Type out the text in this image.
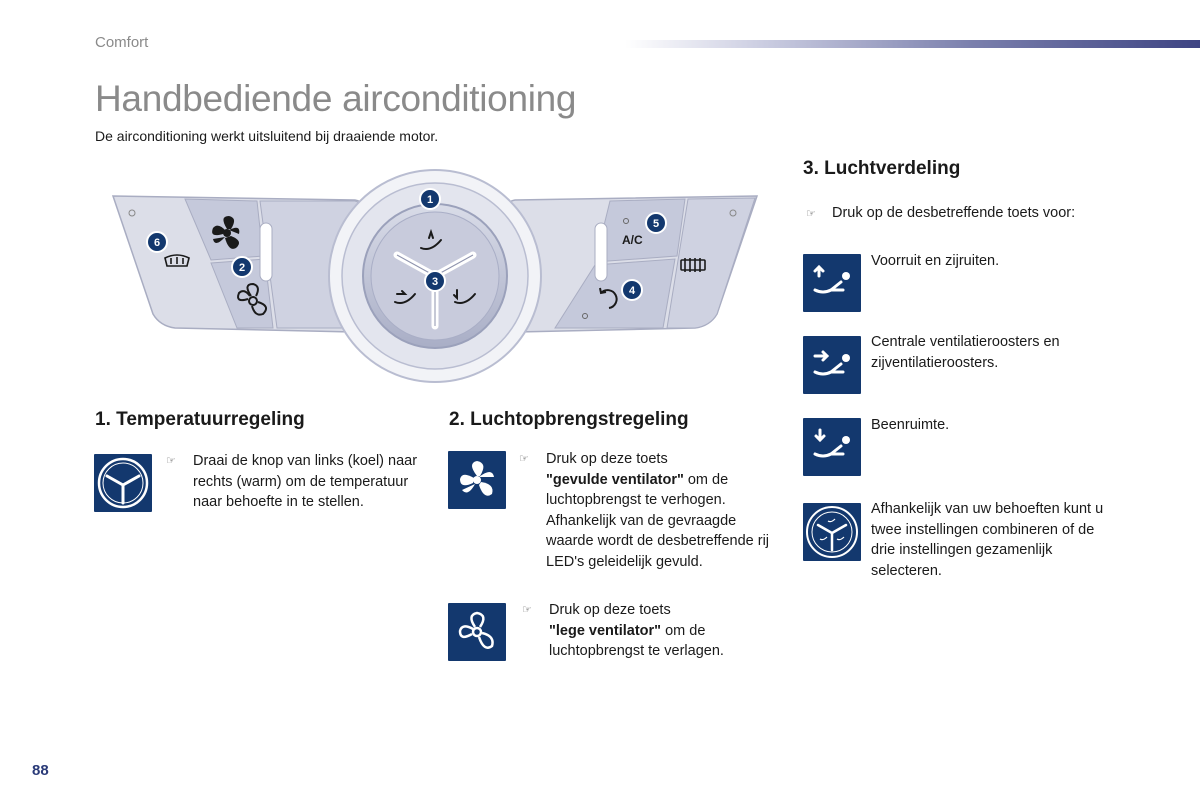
Comfort
Handbediende airconditioning
De airconditioning werkt uitsluitend bij draaiende motor.
A/C
1
2
3
4
5
6
1. Temperatuurregeling
☞ Draai de knop van links (koel) naar rechts (warm) om de temperatuur naar behoefte in te stellen.
2. Luchtopbrengstregeling
☞ Druk op deze toets
"gevulde ventilator" om de luchtopbrengst te verhogen. Afhankelijk van de gevraagde waarde wordt de desbetreffende rij LED's geleidelijk gevuld.
☞ Druk op deze toets
"lege ventilator" om de luchtopbrengst te verlagen.
3. Luchtverdeling
☞ Druk op de desbetreffende toets voor:
Voorruit en zijruiten.
Centrale ventilatieroosters en zijventilatieroosters.
Beenruimte.
Afhankelijk van uw behoeften kunt u twee instellingen combineren of de drie instellingen gezamenlijk selecteren.
88
